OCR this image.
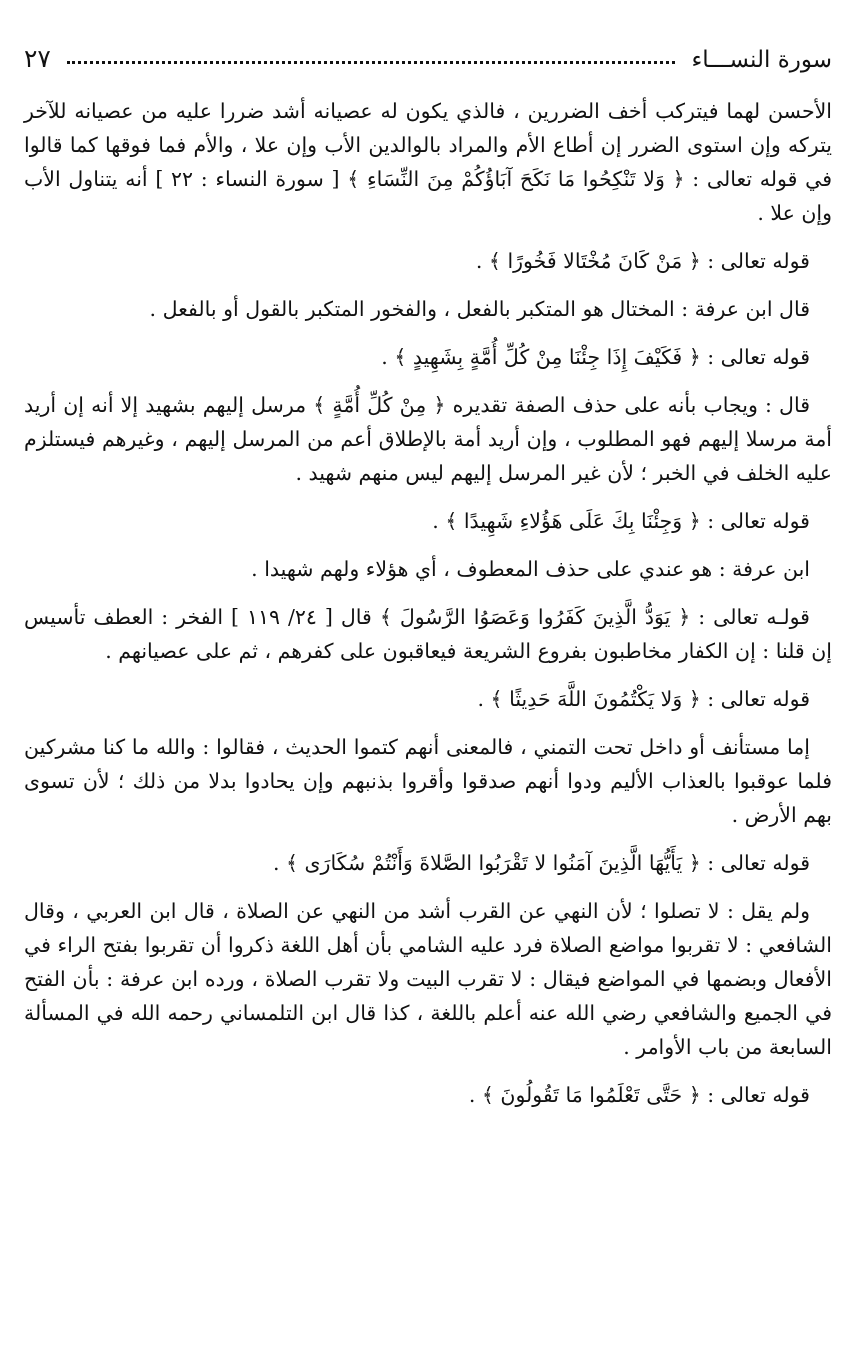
سورة النســـاء
٢٧

الأحسن لهما فيتركب أخف الضررين ، فالذي يكون له عصيانه أشد ضررا عليه من عصيانه للآخر يتركه وإن استوى الضرر إن أطاع الأم والمراد بالوالدين الأب وإن علا ، والأم فما فوقها كما قالوا في قوله تعالى : ﴿ وَلا تَنْكِحُوا مَا نَكَحَ آبَاؤُكُمْ مِنَ النِّسَاءِ ﴾ [ سورة النساء : ٢٢ ] أنه يتناول الأب وإن علا .

قوله تعالى : ﴿ مَنْ كَانَ مُخْتَالا فَخُورًا ﴾ .

قال ابن عرفة : المختال هو المتكبر بالفعل ، والفخور المتكبر بالقول أو بالفعل .

قوله تعالى : ﴿ فَكَيْفَ إِذَا جِئْنَا مِنْ كُلِّ أُمَّةٍ بِشَهِيدٍ ﴾ .

قال : ويجاب بأنه على حذف الصفة تقديره ﴿ مِنْ كُلِّ أُمَّةٍ ﴾ مرسل إليهم بشهيد إلا أنه إن أريد أمة مرسلا إليهم فهو المطلوب ، وإن أريد أمة بالإطلاق أعم من المرسل إليهم ، وغيرهم فيستلزم عليه الخلف في الخبر ؛ لأن غير المرسل إليهم ليس منهم شهيد .

قوله تعالى : ﴿ وَجِئْنَا بِكَ عَلَى هَؤُلاءِ شَهِيدًا ﴾ .

ابن عرفة : هو عندي على حذف المعطوف ، أي هؤلاء ولهم شهيدا .

قولـه تعالى : ﴿ يَوَدُّ الَّذِينَ كَفَرُوا وَعَصَوُا الرَّسُولَ ﴾ قال [ ٢٤/ ١١٩ ] الفخر : العطف تأسيس إن قلنا : إن الكفار مخاطبون بفروع الشريعة فيعاقبون على كفرهم ، ثم على عصيانهم .

قوله تعالى : ﴿ وَلا يَكْتُمُونَ اللَّهَ حَدِيثًا ﴾ .

إما مستأنف أو داخل تحت التمني ، فالمعنى أنهم كتموا الحديث ، فقالوا : والله ما كنا مشركين فلما عوقبوا بالعذاب الأليم ودوا أنهم صدقوا وأقروا بذنبهم وإن يحادوا بدلا من ذلك ؛ لأن تسوى بهم الأرض .

قوله تعالى : ﴿ يَأَيُّهَا الَّذِينَ آمَنُوا لا تَقْرَبُوا الصَّلاةَ وَأَنْتُمْ سُكَارَى ﴾ .

ولم يقل : لا تصلوا ؛ لأن النهي عن القرب أشد من النهي عن الصلاة ، قال ابن العربي ، وقال الشافعي : لا تقربوا مواضع الصلاة فرد عليه الشامي بأن أهل اللغة ذكروا أن تقربوا بفتح الراء في الأفعال وبضمها في المواضع فيقال : لا تقرب البيت ولا تقرب الصلاة ، ورده ابن عرفة : بأن الفتح في الجميع والشافعي رضي الله عنه أعلم باللغة ، كذا قال ابن التلمساني رحمه الله في المسألة السابعة من باب الأوامر .

قوله تعالى : ﴿ حَتَّى تَعْلَمُوا مَا تَقُولُونَ ﴾ .
